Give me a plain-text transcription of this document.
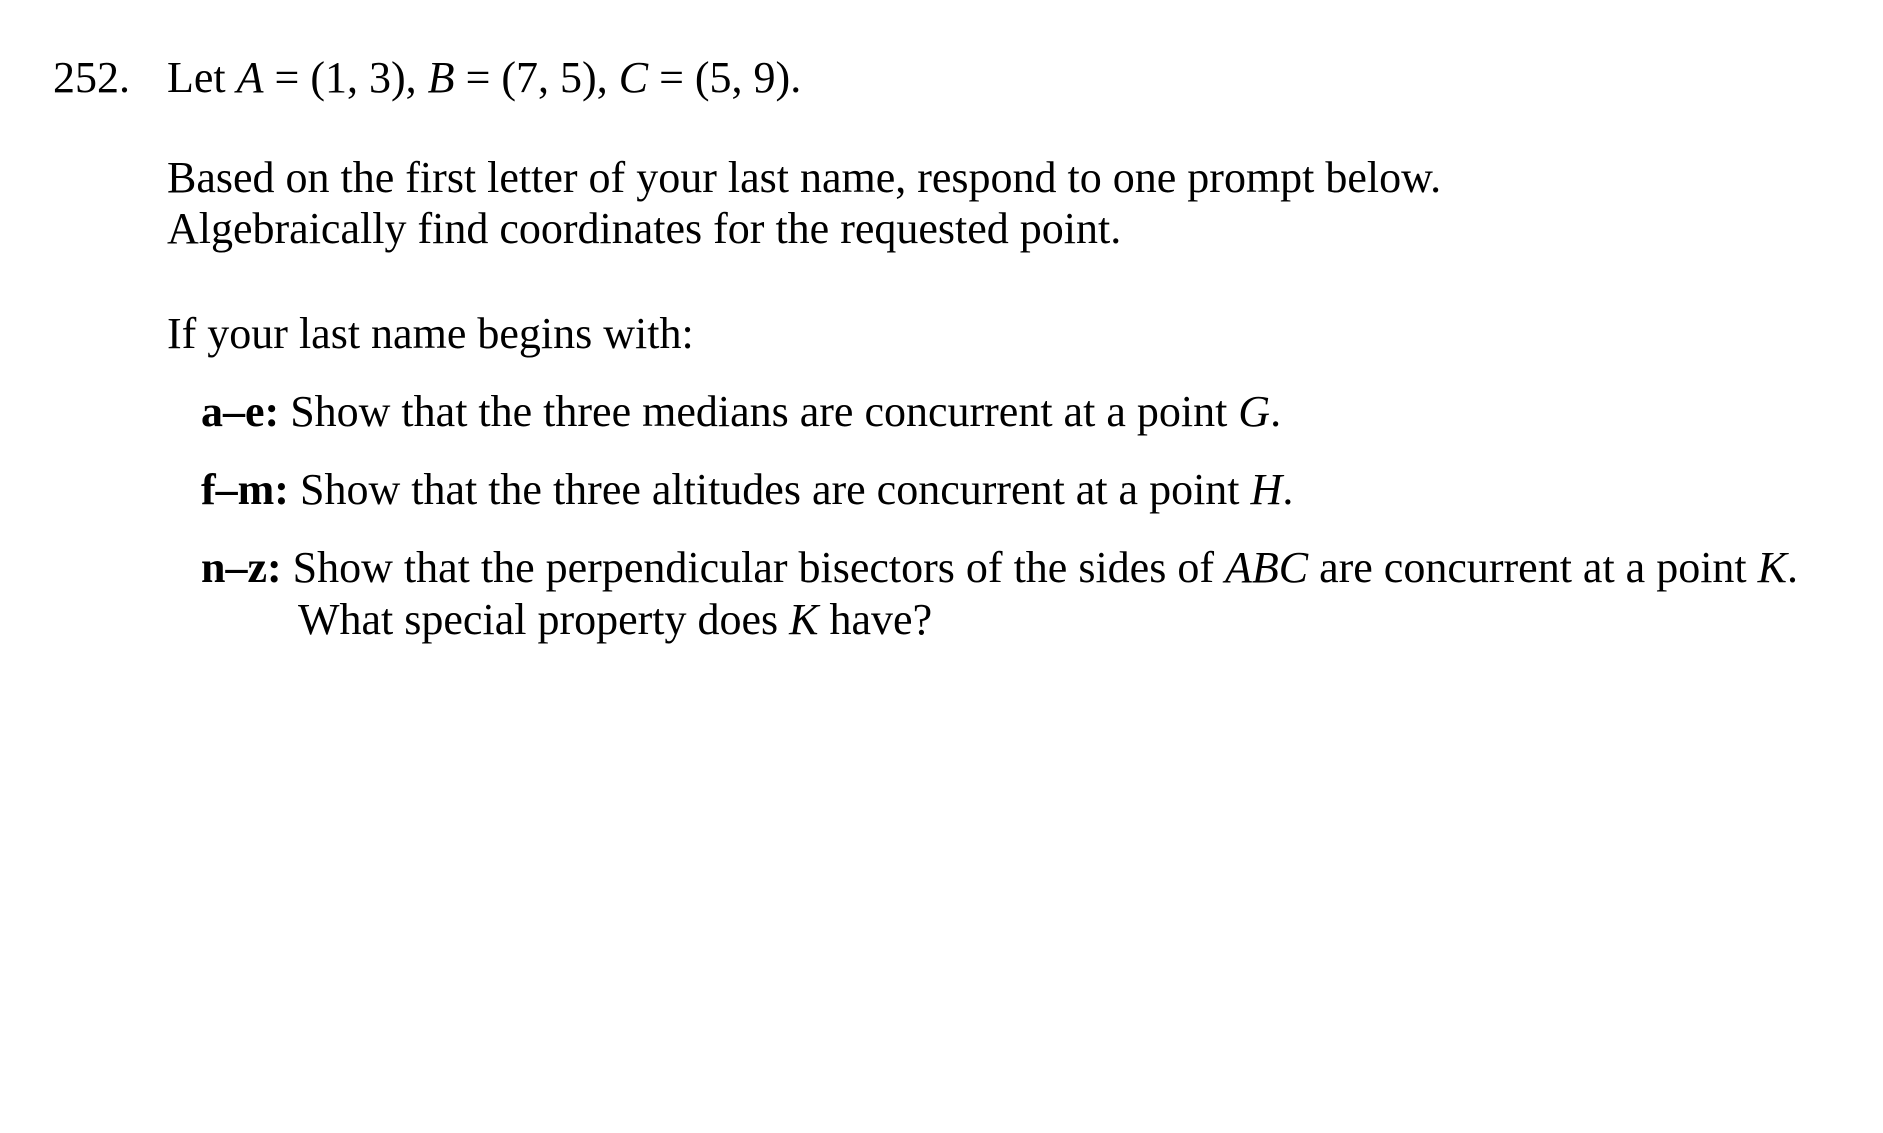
252. Let A = (1, 3), B = (7, 5), C = (5, 9).
Based on the first letter of your last name, respond to one prompt below.
Algebraically find coordinates for the requested point.
If your last name begins with:
a–e: Show that the three medians are concurrent at a point G.
f–m: Show that the three altitudes are concurrent at a point H.
n–z: Show that the perpendicular bisectors of the sides of ABC are concurrent at a point K.
What special property does K have?
